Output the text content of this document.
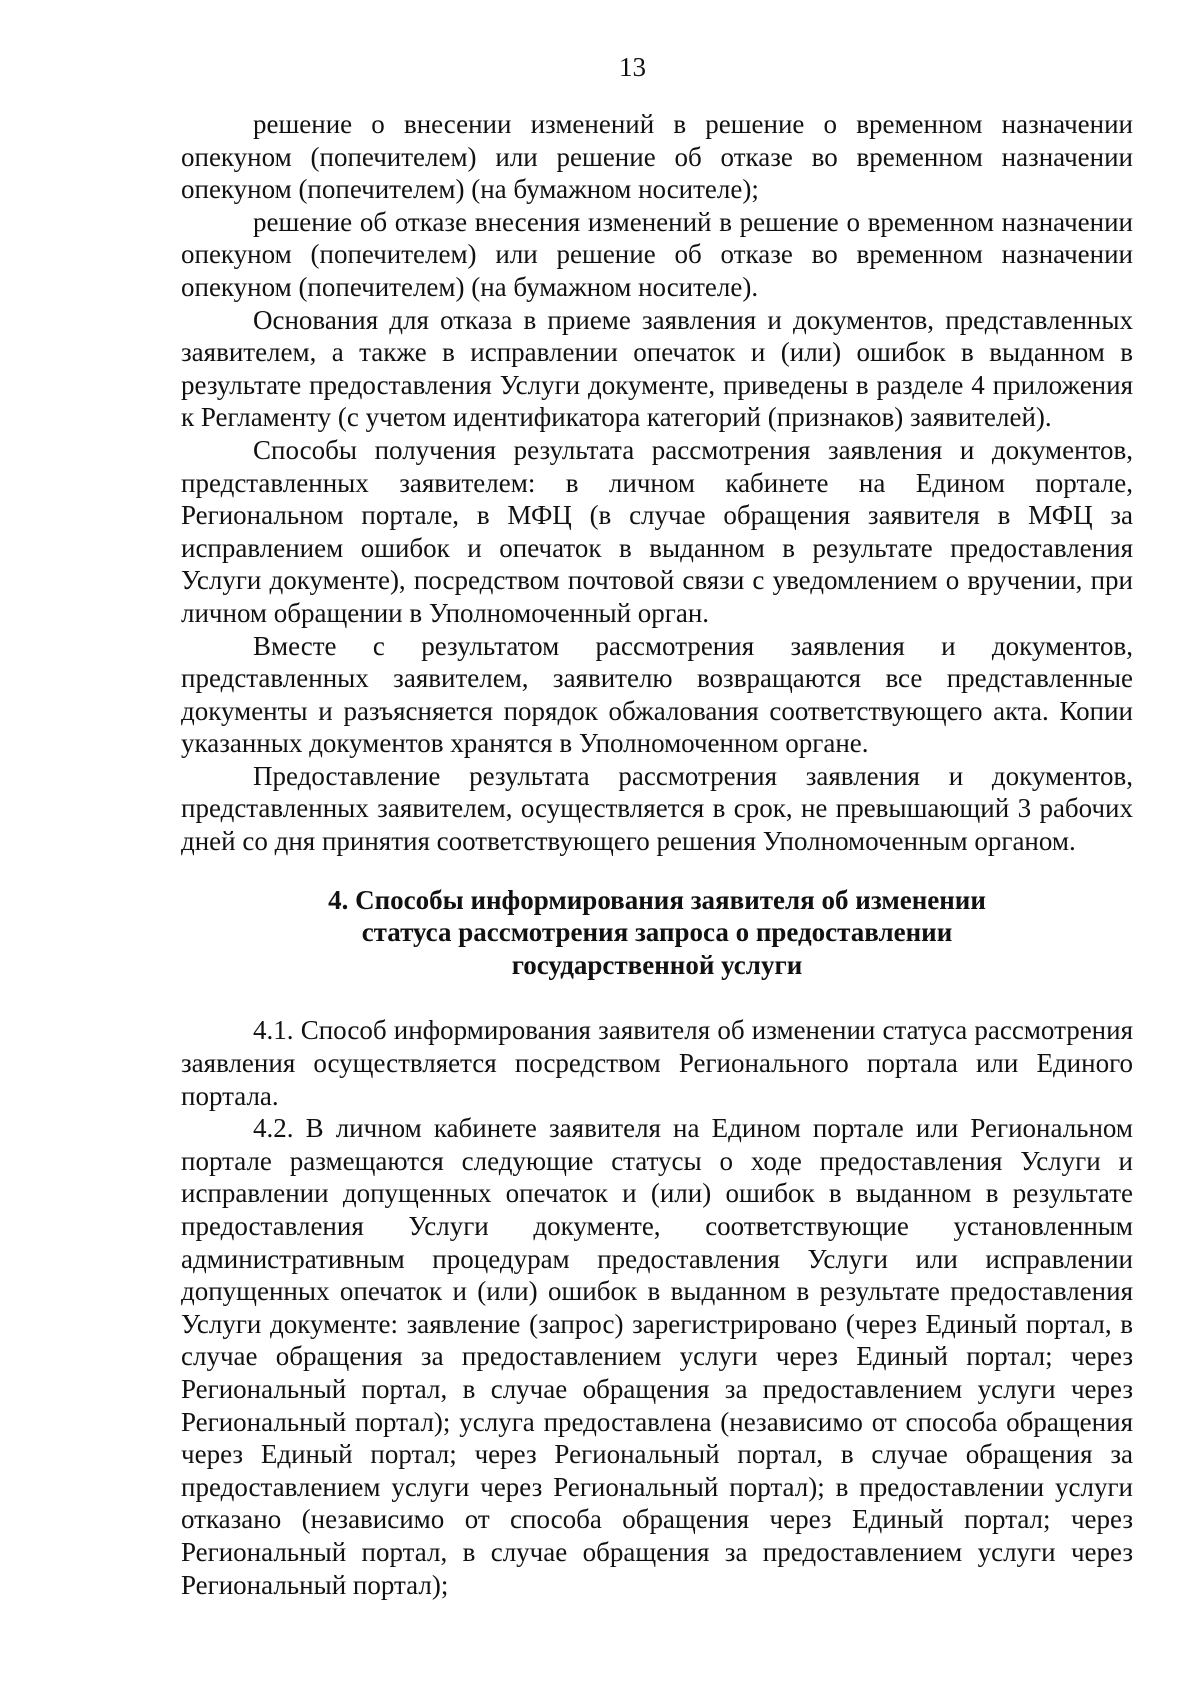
13

решение о внесении изменений в решение о временном назначении опекуном (попечителем) или решение об отказе во временном назначении опекуном (попечителем) (на бумажном носителе);

решение об отказе внесения изменений в решение о временном назначении опекуном (попечителем) или решение об отказе во временном назначении опекуном (попечителем) (на бумажном носителе).

Основания для отказа в приеме заявления и документов, представленных заявителем, а также в исправлении опечаток и (или) ошибок в выданном в результате предоставления Услуги документе, приведены в разделе 4 приложения к Регламенту (с учетом идентификатора категорий (признаков) заявителей).

Способы получения результата рассмотрения заявления и документов, представленных заявителем: в личном кабинете на Едином портале, Региональном портале, в МФЦ (в случае обращения заявителя в МФЦ за исправлением ошибок и опечаток в выданном в результате предоставления Услуги документе), посредством почтовой связи с уведомлением о вручении, при личном обращении в Уполномоченный орган.

Вместе с результатом рассмотрения заявления и документов, представленных заявителем, заявителю возвращаются все представленные документы и разъясняется порядок обжалования соответствующего акта. Копии указанных документов хранятся в Уполномоченном органе.

Предоставление результата рассмотрения заявления и документов, представленных заявителем, осуществляется в срок, не превышающий 3 рабочих дней со дня принятия соответствующего решения Уполномоченным органом.

4. Способы информирования заявителя об изменении
статуса рассмотрения запроса о предоставлении
государственной услуги

4.1. Способ информирования заявителя об изменении статуса рассмотрения заявления осуществляется посредством Регионального портала или Единого портала.

4.2. В личном кабинете заявителя на Едином портале или Региональном портале размещаются следующие статусы о ходе предоставления Услуги и исправлении допущенных опечаток и (или) ошибок в выданном в результате предоставления Услуги документе, соответствующие установленным административным процедурам предоставления Услуги или исправлении допущенных опечаток и (или) ошибок в выданном в результате предоставления Услуги документе: заявление (запрос) зарегистрировано (через Единый портал, в случае обращения за предоставлением услуги через Единый портал; через Региональный портал, в случае обращения за предоставлением услуги через Региональный портал); услуга предоставлена (независимо от способа обращения через Единый портал; через Региональный портал, в случае обращения за предоставлением услуги через Региональный портал); в предоставлении услуги отказано (независимо от способа обращения через Единый портал; через Региональный портал, в случае обращения за предоставлением услуги через Региональный портал);
